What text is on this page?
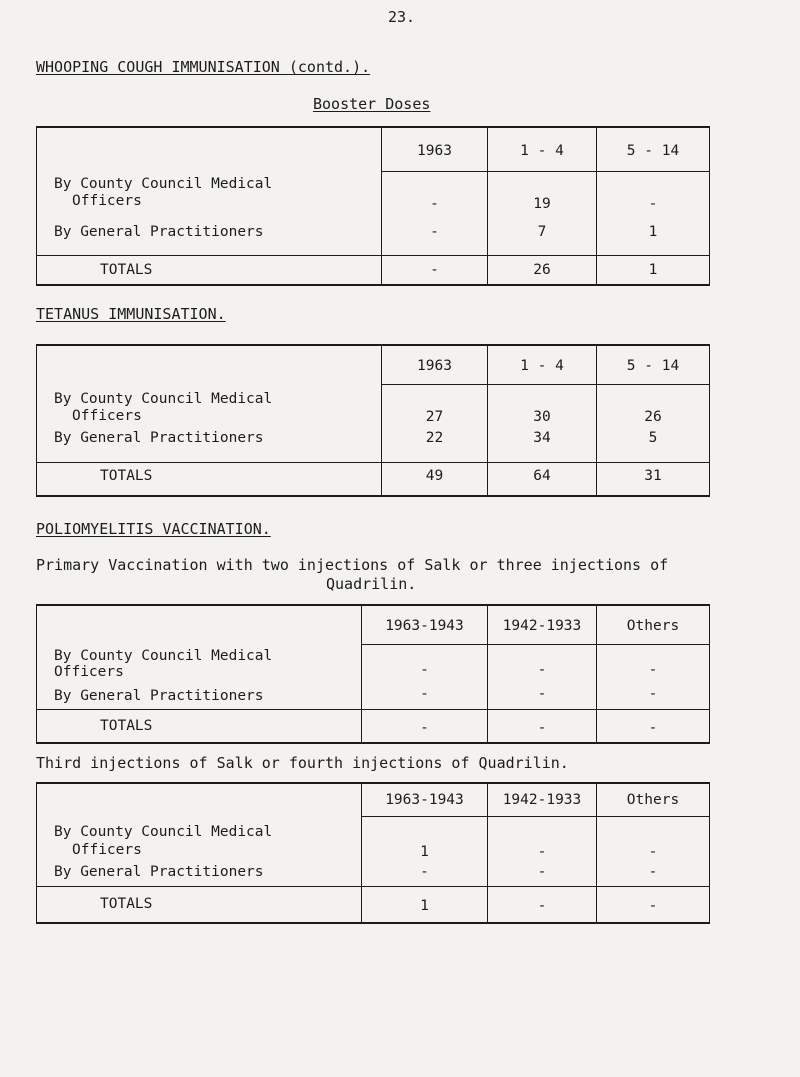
23.
WHOOPING COUGH IMMUNISATION (contd.).
Booster Doses
1963	1 - 4	5 - 14
By County Council Medical
Officers	-	19	-
By General Practitioners	-	7	1
TOTALS	-	26	1
TETANUS IMMUNISATION.
1963	1 - 4	5 - 14
By County Council Medical
Officers	27	30	26
By General Practitioners	22	34	5
TOTALS	49	64	31
POLIOMYELITIS VACCINATION.
Primary Vaccination with two injections of Salk or three injections of
Quadrilin.
1963-1943	1942-1933	Others
By County Council Medical
Officers	-	-	-
By General Practitioners	-	-	-
TOTALS	-	-	-
Third injections of Salk or fourth injections of Quadrilin.
1963-1943	1942-1933	Others
By County Council Medical
Officers	1	-	-
By General Practitioners	-	-	-
TOTALS	1	-	-
